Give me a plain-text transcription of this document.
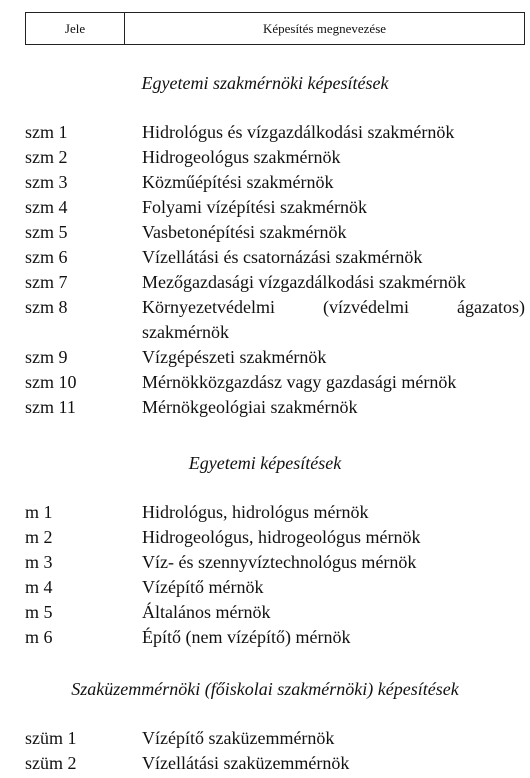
Jele	Képesítés megnevezése
Egyetemi szakmérnöki képesítések
szm 1	Hidrológus és vízgazdálkodási szakmérnök
szm 2	Hidrogeológus szakmérnök
szm 3	Közműépítési szakmérnök
szm 4	Folyami vízépítési szakmérnök
szm 5	Vasbetonépítési szakmérnök
szm 6	Vízellátási és csatornázási szakmérnök
szm 7	Mezőgazdasági vízgazdálkodási szakmérnök
szm 8	Környezetvédelmi (vízvédelmi ágazatos) szakmérnök
szm 9	Vízgépészeti szakmérnök
szm 10	Mérnökközgazdász vagy gazdasági mérnök
szm 11	Mérnökgeológiai szakmérnök
Egyetemi képesítések
m 1	Hidrológus, hidrológus mérnök
m 2	Hidrogeológus, hidrogeológus mérnök
m 3	Víz- és szennyvíztechnológus mérnök
m 4	Vízépítő mérnök
m 5	Általános mérnök
m 6	Építő (nem vízépítő) mérnök
Szaküzemmérnöki (főiskolai szakmérnöki) képesítések
szüm 1	Vízépítő szaküzemmérnök
szüm 2	Vízellátási szaküzemmérnök
